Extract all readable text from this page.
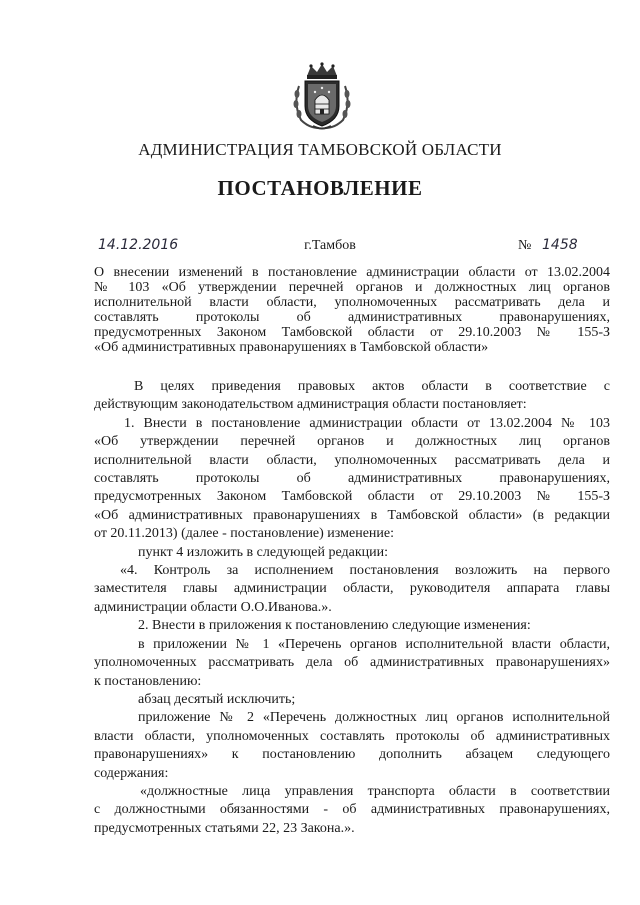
АДМИНИСТРАЦИЯ ТАМБОВСКОЙ ОБЛАСТИ
ПОСТАНОВЛЕНИЕ
14.12.2016	г.Тамбов	№ 1458

О внесении изменений в постановление администрации области от 13.02.2004

№ 103 «Об утверждении перечней органов и должностных лиц органов

исполнительной власти области, уполномоченных рассматривать дела и

составлять протоколы об административных правонарушениях,

предусмотренных Законом Тамбовской области от 29.10.2003 № 155-З

«Об административных правонарушениях в Тамбовской области»

В целях приведения правовых актов области в соответствие с

действующим законодательством администрация области постановляет:

1. Внести в постановление администрации области от 13.02.2004 № 103

«Об утверждении перечней органов и должностных лиц органов

исполнительной власти области, уполномоченных рассматривать дела и

составлять протоколы об административных правонарушениях,

предусмотренных Законом Тамбовской области от 29.10.2003 № 155-З

«Об административных правонарушениях в Тамбовской области» (в редакции

от 20.11.2013) (далее - постановление) изменение:

пункт 4 изложить в следующей редакции:

«4. Контроль за исполнением постановления возложить на первого

заместителя главы администрации области, руководителя аппарата главы

администрации области О.О.Иванова.».

2. Внести в приложения к постановлению следующие изменения:

в приложении № 1 «Перечень органов исполнительной власти области,

уполномоченных рассматривать дела об административных правонарушениях»

к постановлению:

абзац десятый исключить;

приложение № 2 «Перечень должностных лиц органов исполнительной

власти области, уполномоченных составлять протоколы об административных

правонарушениях» к постановлению дополнить абзацем следующего

содержания:

«должностные лица управления транспорта области в соответствии

с должностными обязанностями - об административных правонарушениях,

предусмотренных статьями 22, 23 Закона.».
